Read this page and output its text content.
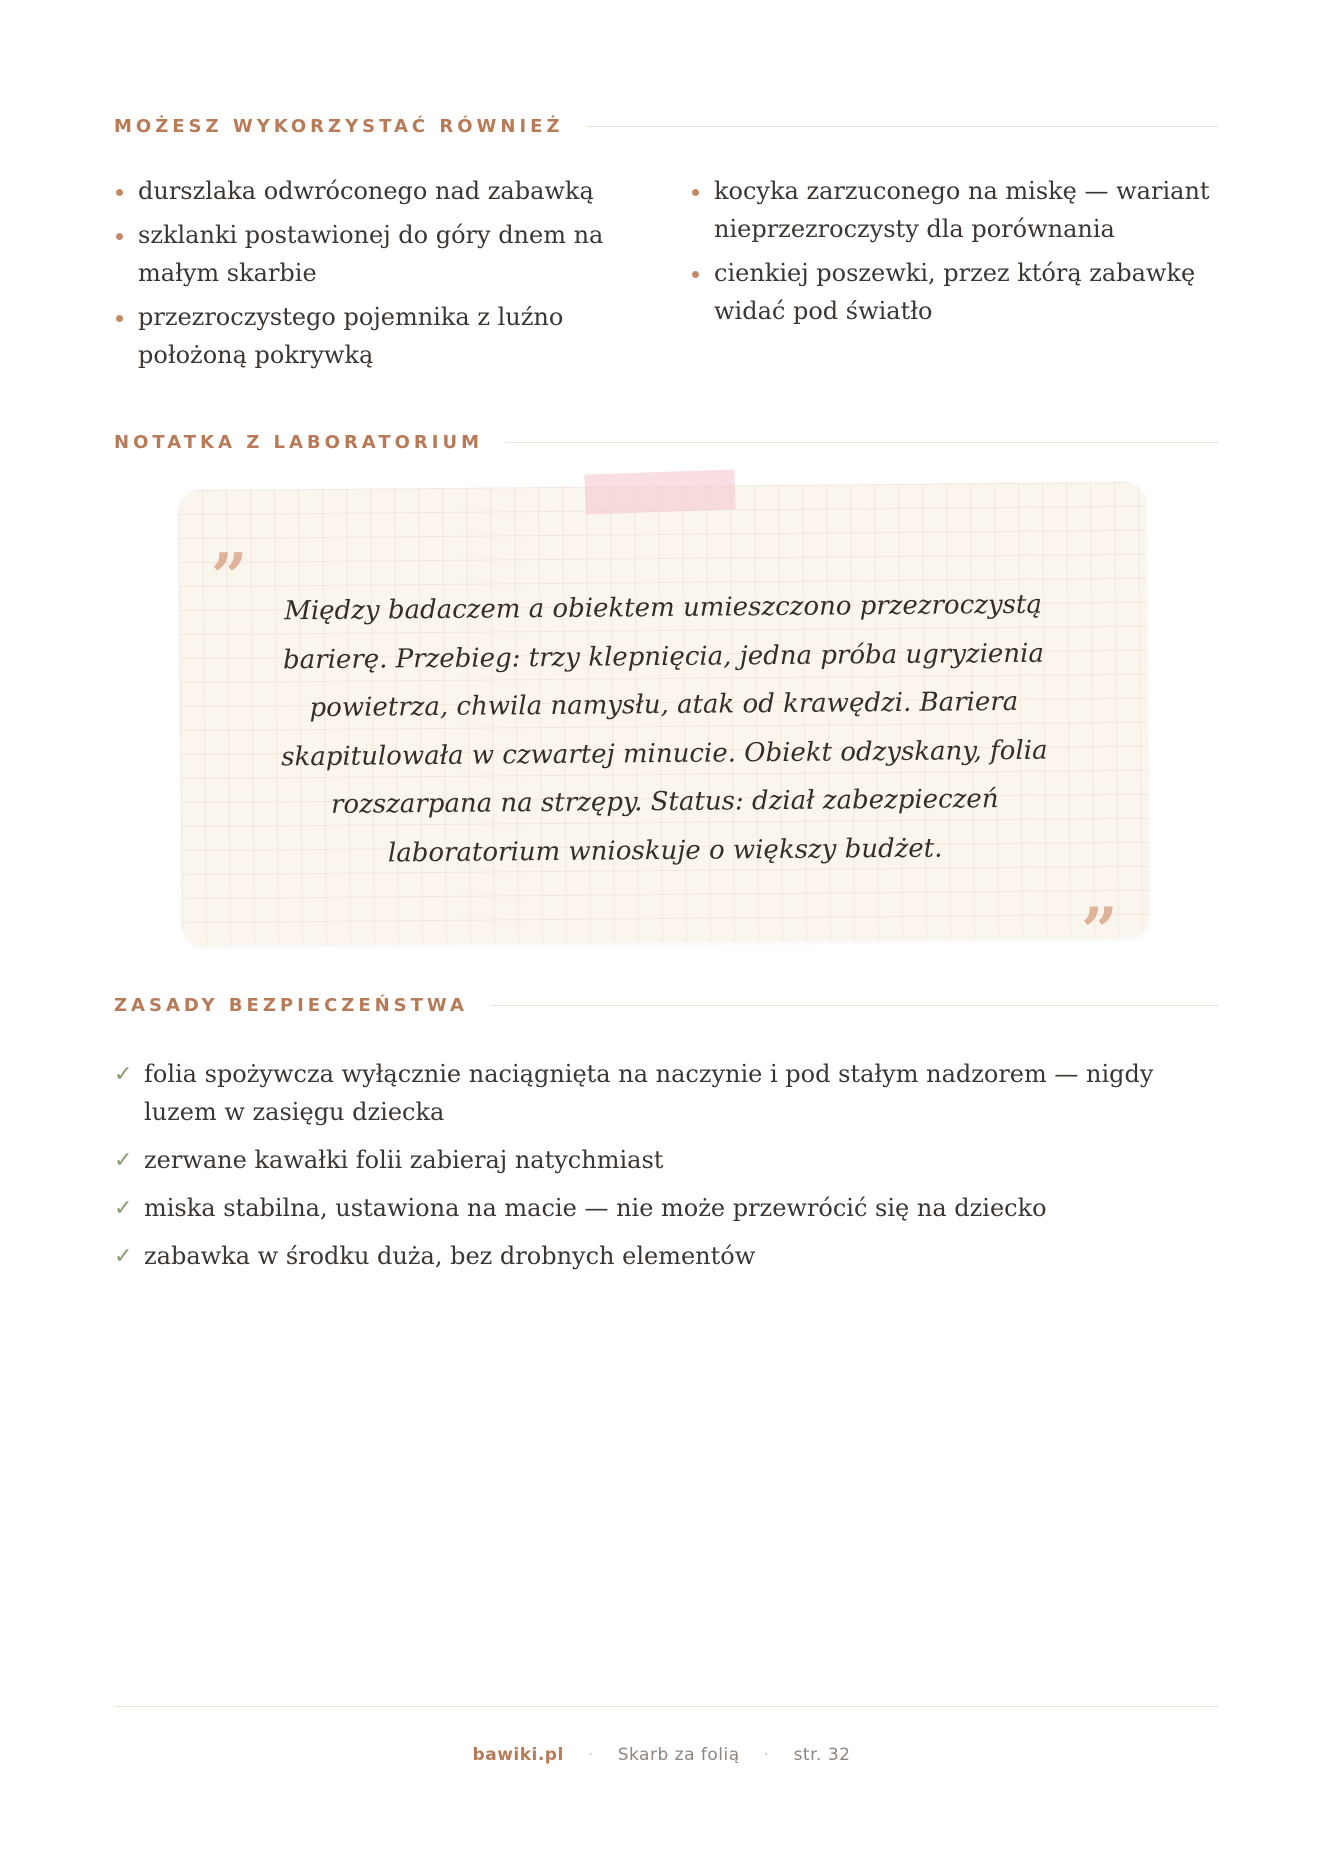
MOŻESZ WYKORZYSTAĆ RÓWNIEŻ
durszlaka odwróconego nad zabawką
szklanki postawionej do góry dnem na małym skarbie
przezroczystego pojemnika z luźno położoną pokrywką
kocyka zarzuconego na miskę — wariant nieprzezroczysty dla porównania
cienkiej poszewki, przez którą zabawkę widać pod światło
NOTATKA Z LABORATORIUM
”	Między badaczem a obiektem umieszczono przezroczystą barierę. Przebieg: trzy klepnięcia, jedna próba ugryzienia powietrza, chwila namysłu, atak od krawędzi. Bariera skapitulowała w czwartej minucie. Obiekt odzyskany, folia rozszarpana na strzępy. Status: dział zabezpieczeń laboratorium wnioskuje o większy budżet.
”
ZASADY BEZPIECZEŃSTWA
✓ folia spożywcza wyłącznie naciągnięta na naczynie i pod stałym nadzorem — nigdy luzem w zasięgu dziecka
✓ zerwane kawałki folii zabieraj natychmiast
✓ miska stabilna, ustawiona na macie — nie może przewrócić się na dziecko
✓ zabawka w środku duża, bez drobnych elementów
bawiki.pl · Skarb za folią · str. 32
